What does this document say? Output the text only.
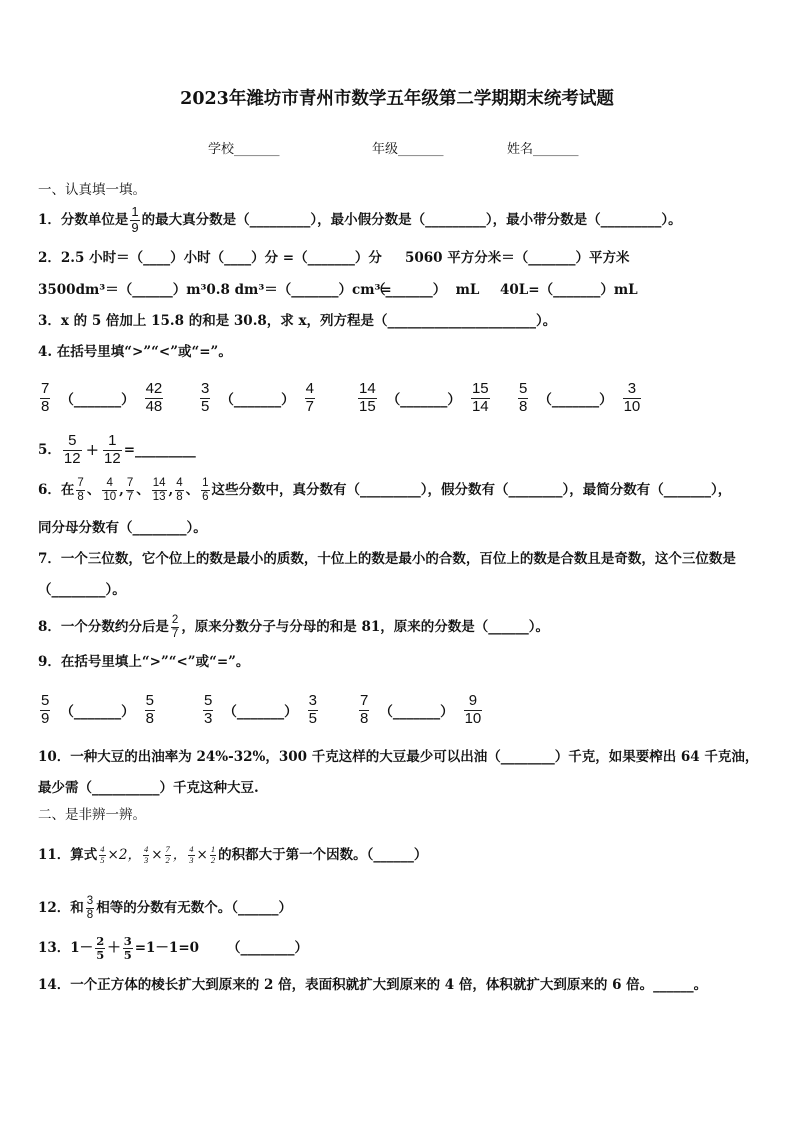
2023年潍坊市青州市数学五年级第二学期期末统考试题
学校_______	年级_______	姓名_______
一、认真填一填。
1． 分数单位是 $\frac{1}{9}$ 的最大真分数是（_________），最小假分数是（_________），最小带分数是（_________）。
2．2.5 小时＝（____）小时（____）分 =（_______）分 5060 平方分米＝（_______）平方米
3500dm³＝（______）m³0.8 dm³＝（_______）cm³=
（_______）  mL 40L=（_______）mL
3．x 的 5 倍加上 15.8 的和是 30.8，求 x，列方程是（______________________）。
4. 在括号里填“>”“<”或“=”。
$\frac{7}{8}$ （_______） $\frac{42}{48} \frac{3}{5}$ （_______） $\frac{4}{7}$	$\frac{14}{15}$ （_______） $\frac{15}{14} \frac{5}{8}$ （_______） $\frac{3}{10}$
5． $\frac{5}{12} + \frac{1}{12}$ =_________
6．在 $\frac{7}{8}$ 、 $\frac{4}{10}$ , $\frac{7}{7}$ 、 $\frac{14}{13}$ , $\frac{4}{8}$ 、 $\frac{1}{6}$ 这些分数中，真分数有（_________），假分数有（________），最简分数有（_______），
同分母分数有（________）。
7．一个三位数，它个位上的数是最小的质数，十位上的数是最小的合数，百位上的数是合数且是奇数，这个三位数是
（________）。
8．一个分数约分后是 $\frac{2}{7}$ ，原来分数分子与分母的和是 81，原来的分数是（______）。
9．在括号里填上“>”“<”或“=”。
$\frac{5}{9}$ （_______） $\frac{5}{8}$	$\frac{5}{3}$ （_______） $\frac{3}{5}$	$\frac{7}{8}$ （_______） $\frac{9}{10}$
10．一种大豆的出油率为 24%-32%，300 千克这样的大豆最少可以出油（________）千克，如果要榨出 64 千克油，
最少需（__________）千克这种大豆.
二、是非辨一辨。
11．算式 $\frac{4}{5} \times 2$， $\frac{4}{3} \times \frac{7}{2}$ ， $\frac{4}{3} \times \frac{1}{2}$ 的积都大于第一个因数。（______）
12．和 $\frac{3}{8}$ 相等的分数有无数个。（______）
13．$1- \frac{2}{5} + \frac{3}{5} =1-1=0$ （________）
14．一个正方体的棱长扩大到原来的 2 倍，表面积就扩大到原来的 4 倍，体积就扩大到原来的 6 倍。______。
